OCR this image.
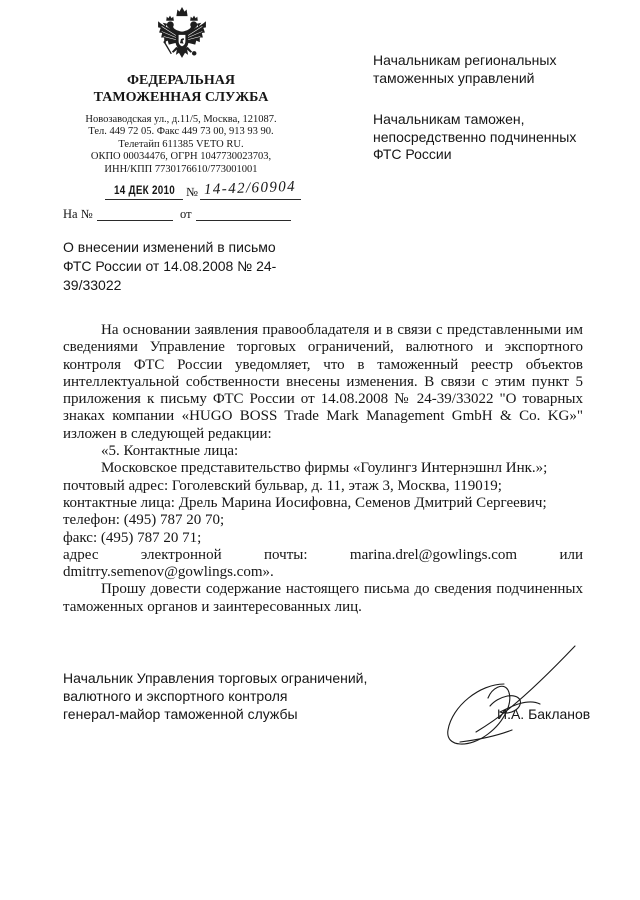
ФЕДЕРАЛЬНАЯ
ТАМОЖЕННАЯ СЛУЖБА
Новозаводская ул., д.11/5, Москва, 121087.
Тел. 449 72 05. Факс 449 73 00, 913 93 90.
Телетайп 611385 VETO RU.
ОКПО 00034476, ОГРН 1047730023703,
ИНН/КПП 7730176610/773001001
14 ДЕК 2010 № 14-42/60904
На №	от
Начальникам региональных
таможенных управлений
Начальникам таможен,
непосредственно подчиненных
ФТС России
О внесении изменений в письмо
ФТС России от 14.08.2008 № 24-
39/33022
На основании заявления правообладателя и в связи с представленными им
сведениями Управление торговых ограничений, валютного и экспортного
контроля ФТС России уведомляет, что в таможенный реестр объектов
интеллектуальной собственности внесены изменения. В связи с этим пункт 5
приложения к письму ФТС России от 14.08.2008 № 24-39/33022 "О товарных
знаках компании «HUGO BOSS Trade Mark Management GmbH & Co. KG»"
изложен в следующей редакции:
«5. Контактные лица:
Московское представительство фирмы «Гоулингз Интернэшнл Инк.»;
почтовый адрес: Гоголевский бульвар, д. 11, этаж 3, Москва, 119019;
контактные лица: Дрель Марина Иосифовна, Семенов Дмитрий Сергеевич;
телефон: (495) 787 20 70;
факс: (495) 787 20 71;
адрес электронной почты: marina.drel@gowlings.com или
dmitrry.semenov@gowlings.com».
Прошу довести содержание настоящего письма до сведения подчиненных
таможенных органов и заинтересованных лиц.
Начальник Управления торговых ограничений,
валютного и экспортного контроля
генерал-майор таможенной службы	И.А. Бакланов
